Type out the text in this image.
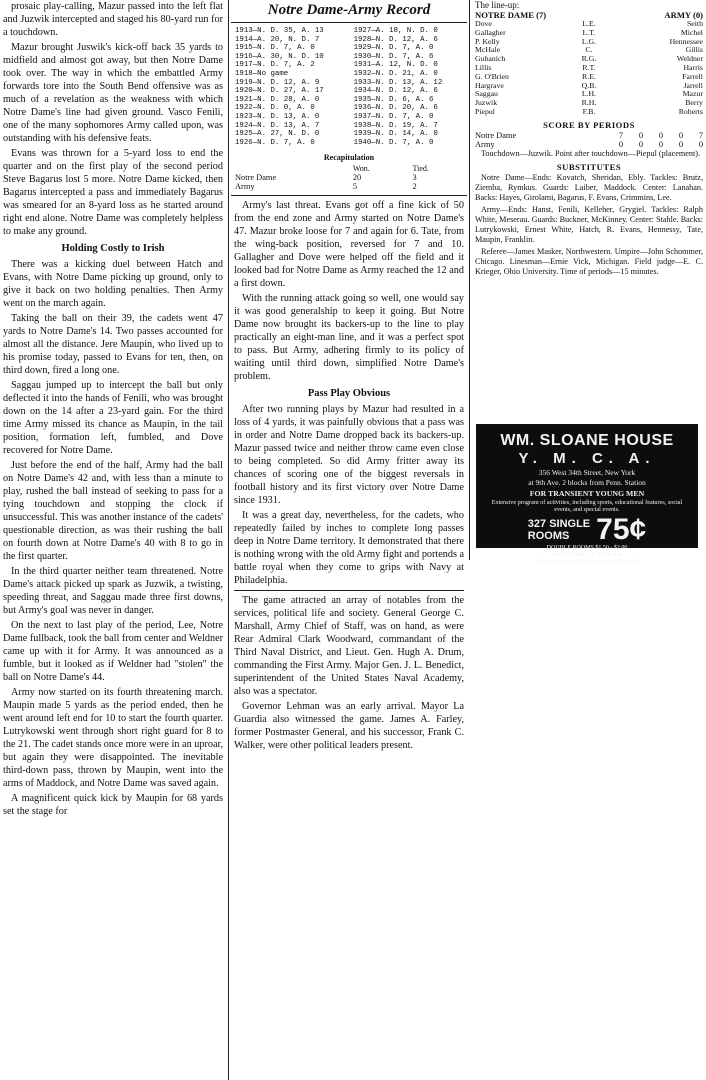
prosaic play-calling, Mazur passed into the left flat and Juzwik intercepted and staged his 80-yard run for a touchdown.

Mazur brought Juswik's kick-off back 35 yards to midfield and almost got away, but then Notre Dame took over. The way in which the embattled Army forwards tore into the South Bend offensive was as much of a revelation as the weakness with which Notre Dame's line had given ground. Vasco Fenili, one of the many sophomores Army called upon, was outstanding with his defensive feats.

Evans was thrown for a 5-yard loss to end the quarter and on the first play of the second period Steve Bagarus lost 5 more. Notre Dame kicked, then Bagarus intercepted a pass and immediately Bagarus was smeared for an 8-yard loss as he started around right end alone. Notre Dame was completely helpless to make any ground.

Holding Costly to Irish

There was a kicking duel between Hatch and Evans, with Notre Dame picking up ground, only to give it back on two holding penalties. Then Army went on the march again.

Taking the ball on their 39, the cadets went 47 yards to Notre Dame's 14. Two passes accounted for almost all the distance. Jere Maupin, who lived up to his promise today, passed to Evans for ten, then, on third down, fired a long one.

Saggau jumped up to intercept the ball but only deflected it into the hands of Fenili, who was brought down on the 14 after a 23-yard gain. For the third time Army missed its chance as Maupin, in the tail position, formation left, fumbled, and Dove recovered for Notre Dame.

Just before the end of the half, Army had the ball on Notre Dame's 42 and, with less than a minute to play, rushed the ball instead of seeking to pass for a tying touchdown and stopping the clock if unsuccessful. This was another instance of the cadets' questionable direction, as was their rushing the ball on fourth down at Notre Dame's 40 with 8 to go in the first quarter.

In the third quarter neither team threatened. Notre Dame's attack picked up spark as Juzwik, a twisting, speeding threat, and Saggau made three first downs, but Army's goal was never in danger.

On the next to last play of the period, Lee, Notre Dame fullback, took the ball from center and Weldner came up with it for Army. It was announced as a fumble, but it looked as if Weldner had "stolen" the ball on Notre Dame's 44.

Army now started on its fourth threatening march. Maupin made 5 yards as the period ended, then he went around left end for 10 to start the fourth quarter. Lutrykowski went through short right guard for 8 to the 21. The cadet stands once more were in an uproar, but again they were disappointed. The inevitable third-down pass, thrown by Maupin, went into the arms of Maddock, and Notre Dame was saved again.

A magnificent quick kick by Maupin for 68 yards set the stage for

Notre Dame-Army Record
1913—N. D. 35, A. 13
1914—A. 20, N. D. 7
1915—N. D. 7, A. 0
1916—A. 30, N. D. 10
1917—N. D. 7, A. 2
1918—No game
1919—N. D. 12, A. 9
1920—N. D. 27, A. 17
1921—N. D. 28, A. 0
1922—N. D. 0, A. 0
1923—N. D. 13, A. 0
1924—N. D. 13, A. 7
1925—A. 27, N. D. 0
1926—N. D. 7, A. 0
1927—A. 18, N. D. 0
1928—N. D. 12, A. 6
1929—N. D. 7, A. 0
1930—N. D. 7, A. 6
1931—A. 12, N. D. 0
1932—N. D. 21, A. 0
1933—N. D. 13, A. 12
1934—N. D. 12, A. 6
1935—N. D. 6, A. 6
1936—N. D. 20, A. 6
1937—N. D. 7, A. 0
1938—N. D. 19, A. 7
1939—N. D. 14, A. 0
1940—N. D. 7, A. 0
Recapitulation
	Won.	Tied.
Notre Dame	20	3
Army	5	2

Army's last threat. Evans got off a fine kick of 50 from the end zone and Army started on Notre Dame's 47. Mazur broke loose for 7 and again for 6. Tate, from the wing-back position, reversed for 7 and 10. Gallagher and Dove were helped off the field and it looked bad for Notre Dame as Army reached the 12 and a first down.

With the running attack going so well, one would say it was good generalship to keep it going. But Notre Dame now brought its backers-up to the line to play practically an eight-man line, and it was a perfect spot to pass. But Army, adhering firmly to its policy of waiting until third down, simplified Notre Dame's problem.

Pass Play Obvious

After two running plays by Mazur had resulted in a loss of 4 yards, it was painfully obvious that a pass was in order and Notre Dame dropped back its backers-up. Mazur passed twice and neither throw came even close to being completed. So did Army fritter away its chances of scoring one of the biggest reversals in football history and its first victory over Notre Dame since 1931.

It was a great day, nevertheless, for the cadets, who repeatedly failed by inches to complete long passes deep in Notre Dame territory. It demonstrated that there is nothing wrong with the old Army fight and portends a battle royal when they come to grips with Navy at Philadelphia.

The game attracted an array of notables from the services, political life and society. General George C. Marshall, Army Chief of Staff, was on hand, as were Rear Admiral Clark Woodward, commandant of the Third Naval District, and Lieut. Gen. Hugh A. Drum, commanding the First Army. Major Gen. J. L. Benedict, superintendent of the United States Naval Academy, also was a spectator.

Governor Lehman was an early arrival. Mayor La Guardia also witnessed the game. James A. Farley, former Postmaster General, and his successor, Frank C. Walker, were other political leaders present.

The line-up:
NOTRE DAME (7)	ARMY (0)
Dove	L.E.	Seith
Gallagher	L.T.	Michel
P. Kelly	L.G.	Hennessee
McHale	C.	Gillis
Gubanich	R.G.	Weldner
Lillis	R.T.	Harris
G. O'Brien	R.E.	Farrell
Hargrave	Q.B.	Jarrell
Saggau	L.H.	Mazur
Juzwik	R.H.	Berry
Piepul	F.B.	Roberts
SCORE BY PERIODS
Notre Dame	7	0	0	0	7
Army	0	0	0	0	0

Touchdown—Juzwik. Point after touchdown—Piepul (placement).

SUBSTITUTES

Notre Dame—Ends: Kovatch, Sheridan, Ebly. Tackles: Brutz, Ziemba, Rymkus. Guards: Laiber, Maddock. Center: Lanahan. Backs: Hayes, Girolami, Bagarus, F. Evans, Crimmins, Lee.

Army—Ends: Hanst, Fenili, Kelleher, Grygiel. Tackles: Ralph White, Meserau. Guards: Buckner, McKinney. Center: Stahle. Backs: Lutrykowski, Ernest White, Hatch, R. Evans, Hennessy, Tate, Maupin, Franklin.

Referee—James Masker, Northwestern. Umpire—John Schommer, Chicago. Linesman—Ernie Vick, Michigan. Field judge—E. C. Krieger, Ohio University. Time of periods—15 minutes.

WM. SLOANE HOUSE
Y. M. C. A.
356 West 34th Street, New York
at 9th Ave. 2 blocks from Penn. Station
FOR TRANSIENT YOUNG MEN
Extensive program of activities, including sports, educational features, social events, and special events.
327 SINGLE
ROOMS 75¢
DOUBLE ROOMS $1.50 - $2.00
also $5 Singles @ $6 per day
Membership included — Send for Booklet
